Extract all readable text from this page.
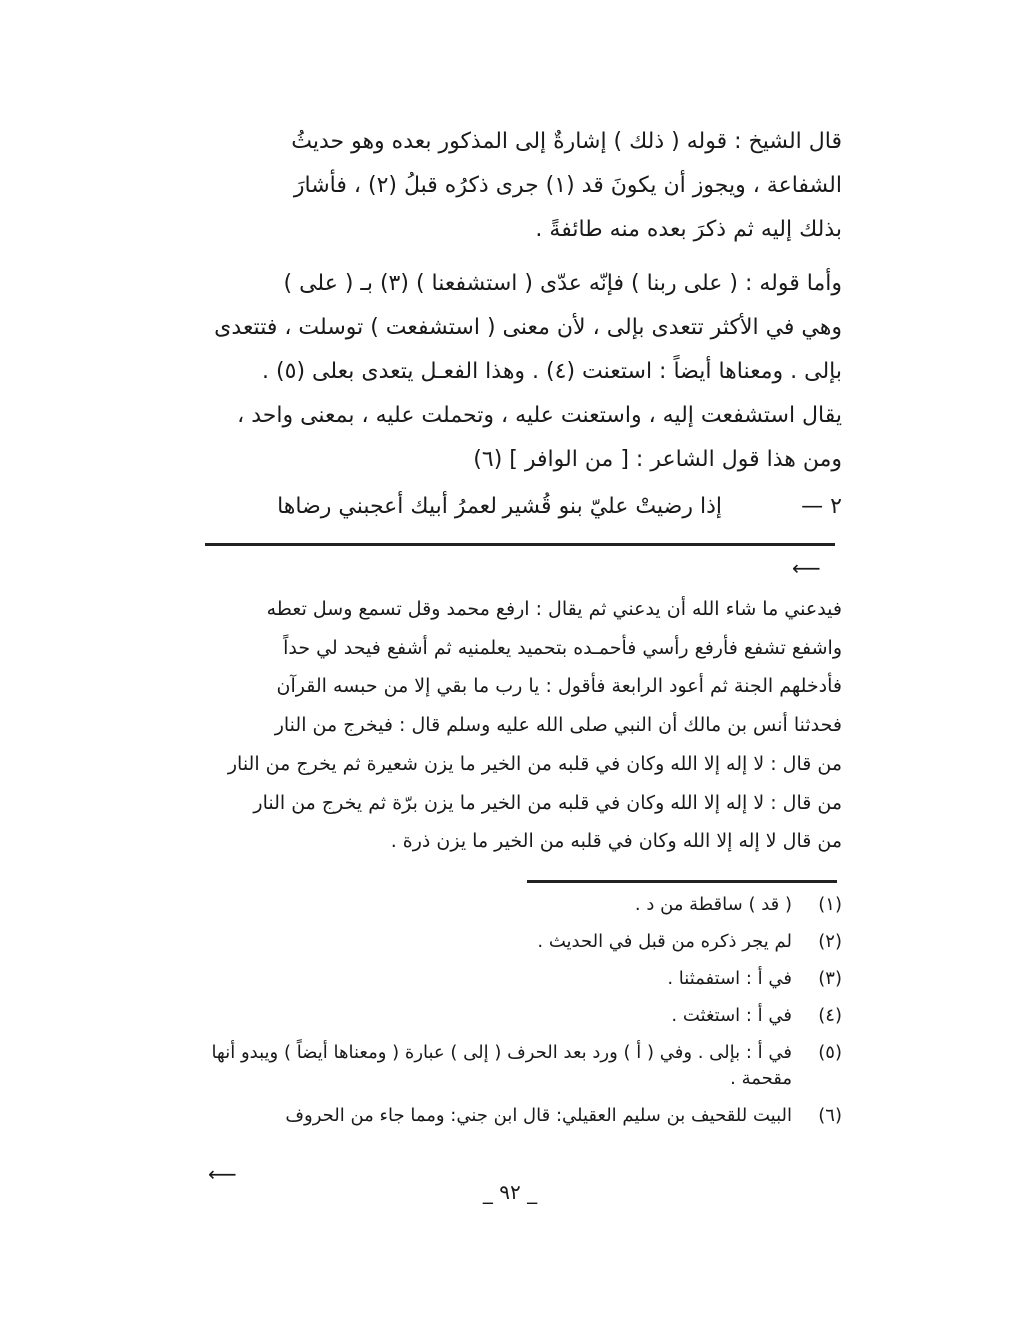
قال الشيخ : قوله ( ذلك ) إشارةٌ إلى المذكور بعده وهو حديثُ

الشفاعة ، ويجوز أن يكونَ قد (١) جرى ذكرُه قبلُ (٢) ، فأشارَ

بذلك إليه ثم ذكرَ بعده منه طائفةً .

وأما قوله : ( على ربنا ) فإنّه عدّى ( استشفعنا ) (٣) بـ ( على )

وهي في الأكثر تتعدى بإلى ، لأن معنى ( استشفعت ) توسلت ، فتتعدى

بإلى . ومعناها أيضاً : استعنت (٤) . وهذا الفعـل يتعدى بعلى (٥) .

يقال استشفعت إليه ، واستعنت عليه ، وتحملت عليه ، بمعنى واحد ،

ومن هذا قول الشاعر : [ من الوافر ] (٦)

٢ —
إذا رضيتْ عليّ بنو قُشير
لعمرُ أبيك أعجبني رضاها
⟵

فيدعني ما شاء الله أن يدعني ثم يقال : ارفع محمد وقل تسمع وسل تعطه

واشفع تشفع فأرفع رأسي فأحمـده بتحميد يعلمنيه ثم أشفع فيحد لي حداً

فأدخلهم الجنة ثم أعود الرابعة فأقول : يا رب ما بقي إلا من حبسه القرآن

فحدثنا أنس بن مالك أن النبي صلى الله عليه وسلم قال : فيخرج من النار

من قال : لا إله إلا الله وكان في قلبه من الخير ما يزن شعيرة ثم يخرج من النار

من قال : لا إله إلا الله وكان في قلبه من الخير ما يزن برّة ثم يخرج من النار

من قال لا إله إلا الله وكان في قلبه من الخير ما يزن ذرة .

(١)
( قد ) ساقطة من د .
(٢)
لم يجر ذكره من قبل في الحديث .
(٣)
في أ : استفمثنا .
(٤)
في أ : استغثت .
(٥)
في أ : بإلى . وفي ( أ ) ورد بعد الحرف ( إلى ) عبارة ( ومعناها أيضاً ) ويبدو أنها مقحمة .
(٦)
البيت للقحيف بن سليم العقيلي: قال ابن جني: ومما جاء من الحروف
⟵
_ ٩٢ _
